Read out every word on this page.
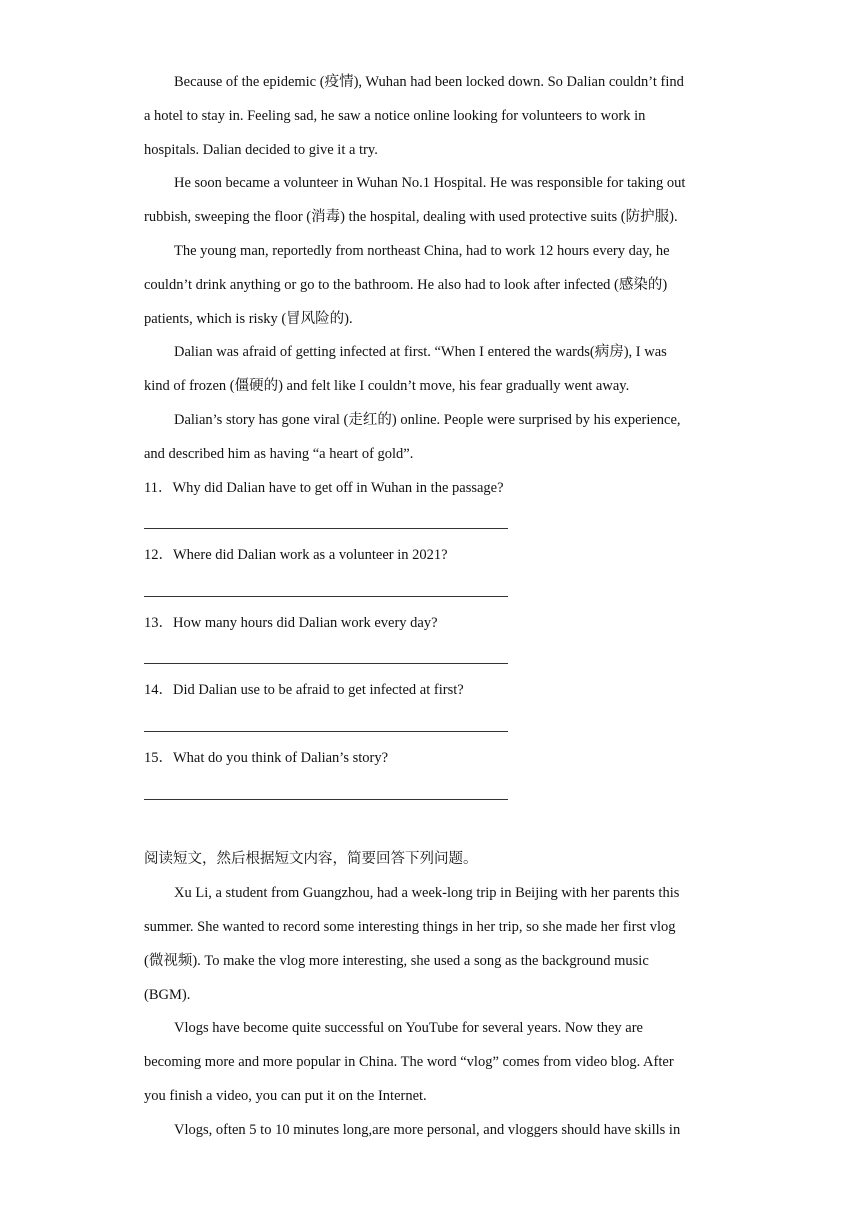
Because of the epidemic (疫情), Wuhan had been locked down. So Dalian couldn’t find
a hotel to stay in. Feeling sad, he saw a notice online looking for volunteers to work in
hospitals. Dalian decided to give it a try.
He soon became a volunteer in Wuhan No.1 Hospital. He was responsible for taking out
rubbish, sweeping the floor (消毒) the hospital, dealing with used protective suits (防护服).
The young man, reportedly from northeast China, had to work 12 hours every day, he
couldn’t drink anything or go to the bathroom. He also had to look after infected (感染的)
patients, which is risky (冒风险的).
Dalian was afraid of getting infected at first. “When I entered the wards(病房), I was
kind of frozen (僵硬的) and felt like I couldn’t move, his fear gradually went away.
Dalian’s story has gone viral (走红的) online. People were surprised by his experience,
and described him as having “a heart of gold”.
11．Why did Dalian have to get off in Wuhan in the passage?
12．Where did Dalian work as a volunteer in 2021?
13．How many hours did Dalian work every day?
14．Did Dalian use to be afraid to get infected at first?
15．What do you think of Dalian’s story?
阅读短文，然后根据短文内容，简要回答下列问题。
Xu Li, a student from Guangzhou, had a week-long trip in Beijing with her parents this
summer. She wanted to record some interesting things in her trip, so she made her first vlog
(微视频). To make the vlog more interesting, she used a song as the background music
(BGM).
Vlogs have become quite successful on YouTube for several years. Now they are
becoming more and more popular in China. The word “vlog” comes from video blog. After
you finish a video, you can put it on the Internet.
Vlogs, often 5 to 10 minutes long,are more personal, and vloggers should have skills in
